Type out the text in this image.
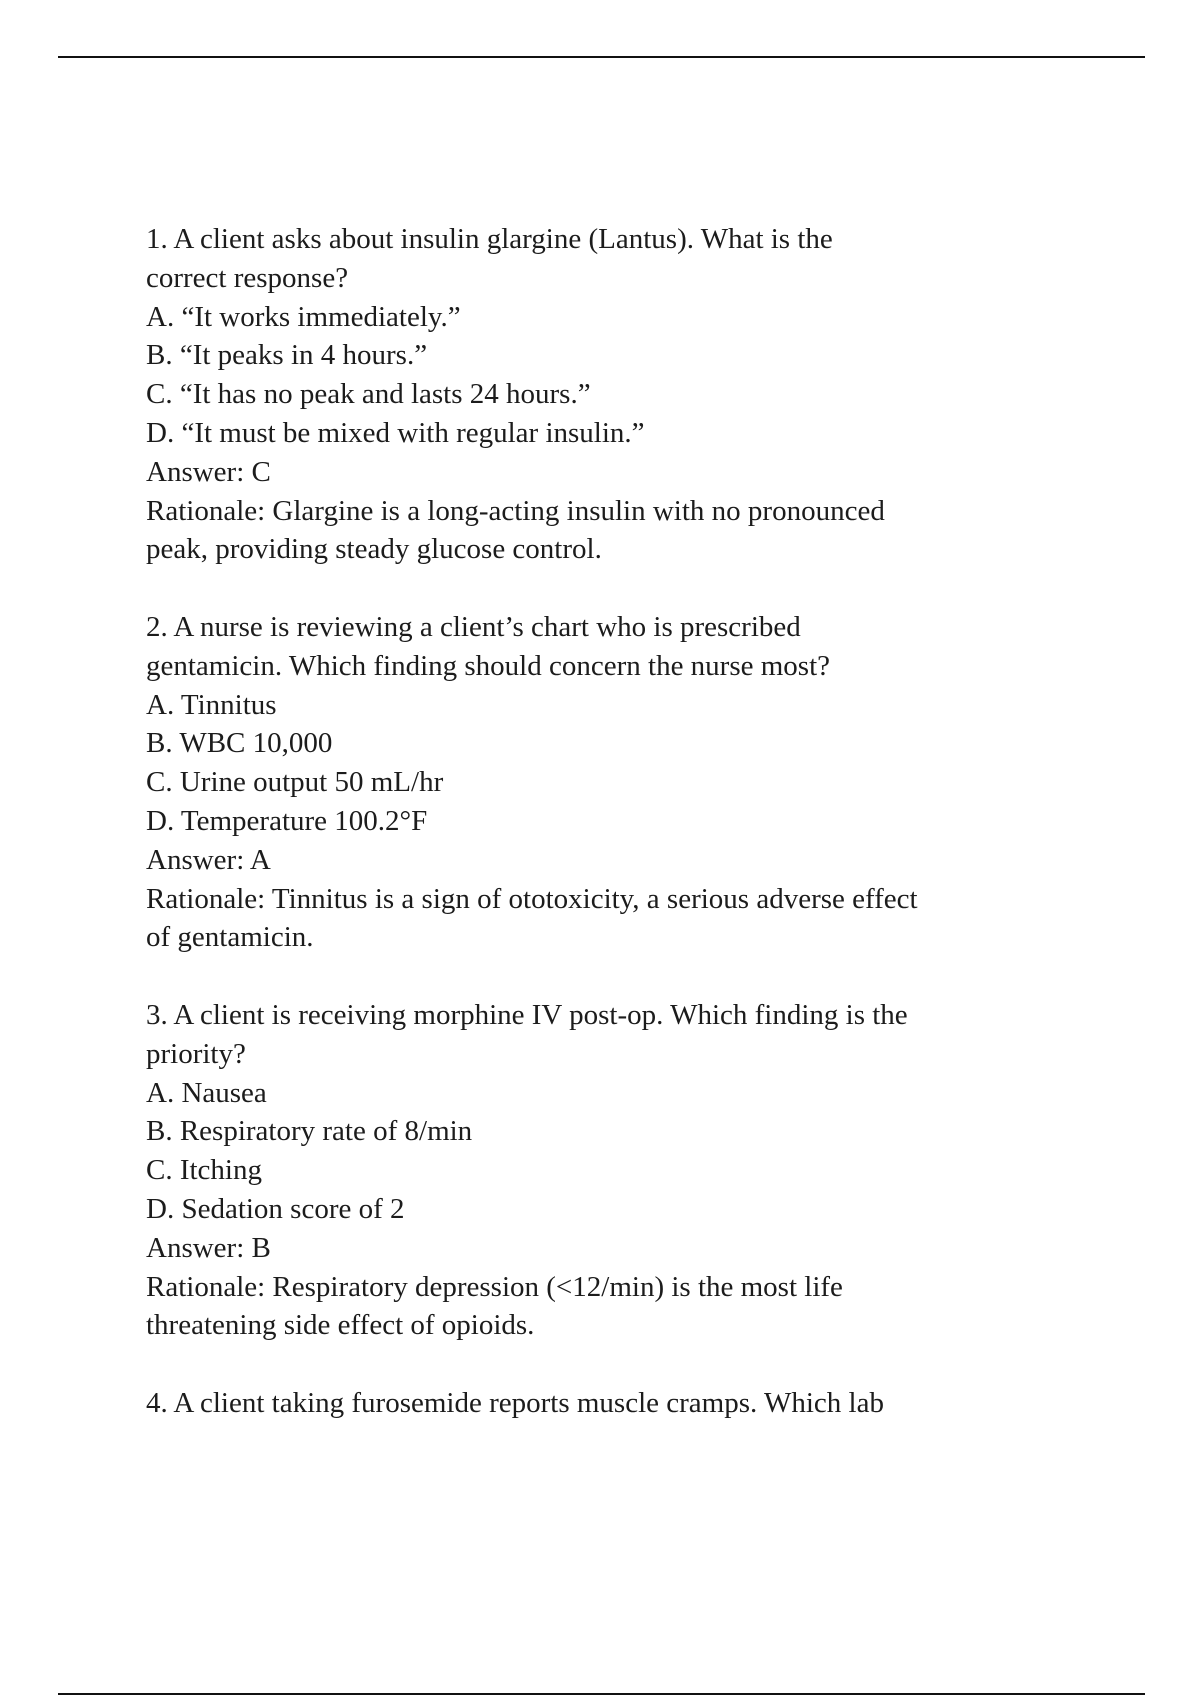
1. A client asks about insulin glargine (Lantus). What is the
correct response?
A. “It works immediately.”
B. “It peaks in 4 hours.”
C. “It has no peak and lasts 24 hours.”
D. “It must be mixed with regular insulin.”
Answer: C
Rationale: Glargine is a long-acting insulin with no pronounced
peak, providing steady glucose control.
2. A nurse is reviewing a client’s chart who is prescribed
gentamicin. Which finding should concern the nurse most?
A. Tinnitus
B. WBC 10,000
C. Urine output 50 mL/hr
D. Temperature 100.2°F
Answer: A
Rationale: Tinnitus is a sign of ototoxicity, a serious adverse effect
of gentamicin.
3. A client is receiving morphine IV post-op. Which finding is the
priority?
A. Nausea
B. Respiratory rate of 8/min
C. Itching
D. Sedation score of 2
Answer: B
Rationale: Respiratory depression (<12/min) is the most life
threatening side effect of opioids.
4. A client taking furosemide reports muscle cramps. Which lab
